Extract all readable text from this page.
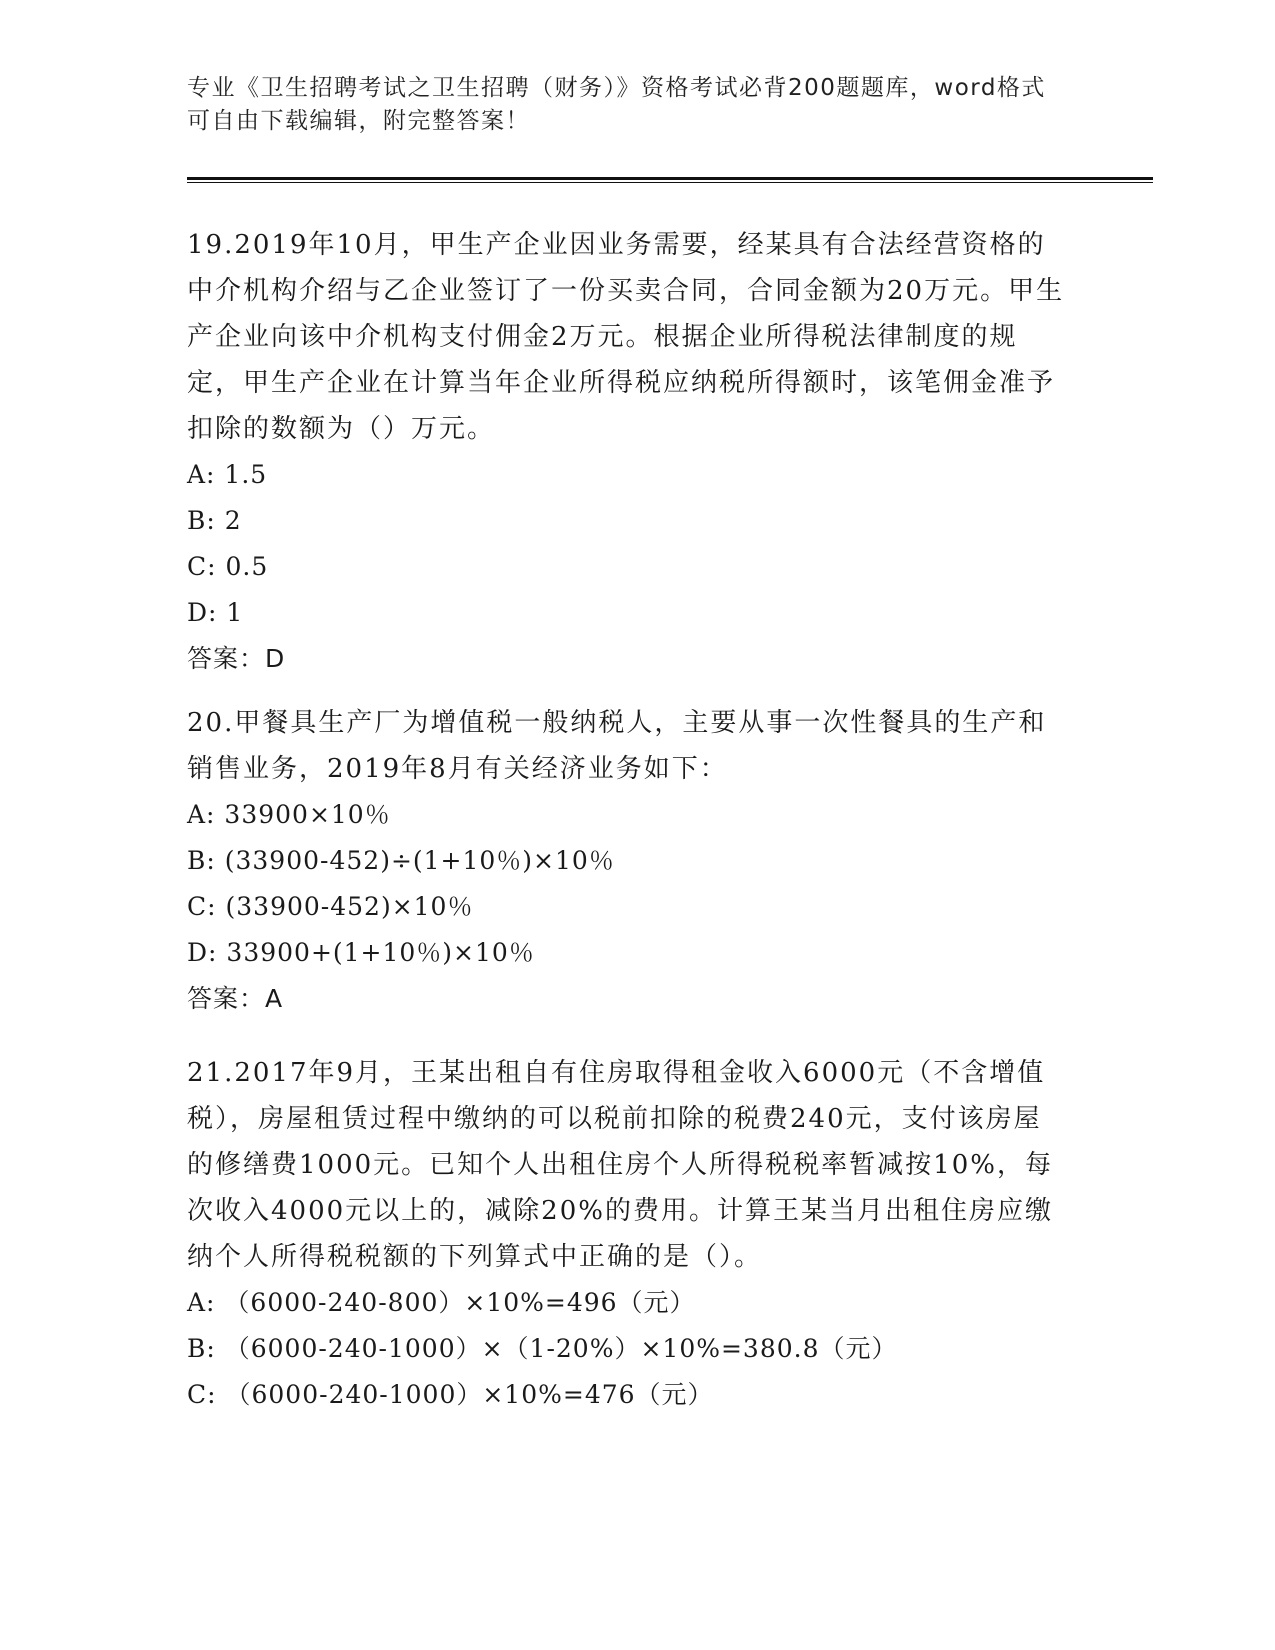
专业《卫生招聘考试之卫生招聘（财务）》资格考试必背200题题库，word格式可自由下载编辑，附完整答案！

19.2019年10月，甲生产企业因业务需要，经某具有合法经营资格的中介机构介绍与乙企业签订了一份买卖合同，合同金额为20万元。甲生产企业向该中介机构支付佣金2万元。根据企业所得税法律制度的规定，甲生产企业在计算当年企业所得税应纳税所得额时，该笔佣金准予扣除的数额为（）万元。

A: 1.5

B: 2

C: 0.5

D: 1

答案：D

20.甲餐具生产厂为增值税一般纳税人，主要从事一次性餐具的生产和销售业务，2019年8月有关经济业务如下：

A: 33900×10％

B: (33900-452)÷(1+10％)×10％

C: (33900-452)×10％

D: 33900+(1+10％)×10％

答案：A

21.2017年9月，王某出租自有住房取得租金收入6000元（不含增值税），房屋租赁过程中缴纳的可以税前扣除的税费240元，支付该房屋的修缮费1000元。已知个人出租住房个人所得税税率暂减按10%，每次收入4000元以上的，减除20%的费用。计算王某当月出租住房应缴纳个人所得税税额的下列算式中正确的是（）。

A: （6000-240-800）×10%=496（元）

B: （6000-240-1000）×（1-20%）×10%=380.8（元）

C: （6000-240-1000）×10%=476（元）
